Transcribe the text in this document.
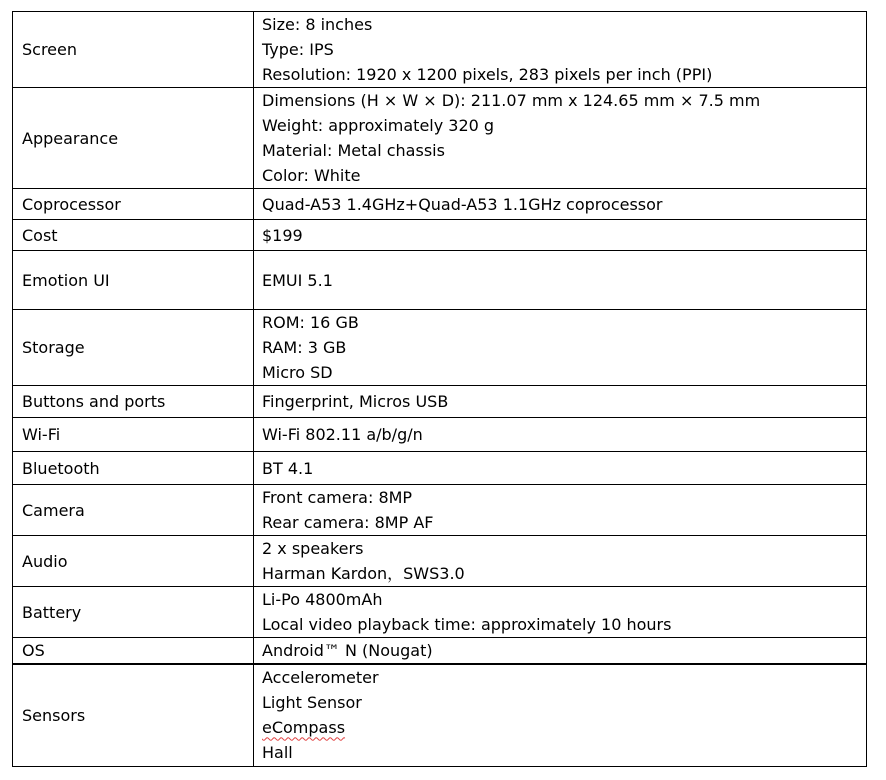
Screen	Size: 8 inches
Type: IPS
Resolution: 1920 x 1200 pixels, 283 pixels per inch (PPI)

Appearance	Dimensions (H × W × D): 211.07 mm x 124.65 mm × 7.5 mm
Weight: approximately 320 g
Material: Metal chassis
Color: White

Coprocessor	Quad-A53 1.4GHz+Quad-A53 1.1GHz coprocessor
Cost	$199
Emotion UI	EMUI 5.1
Storage	ROM: 16 GB
RAM: 3 GB
Micro SD

Buttons and ports	Fingerprint, Micros USB
Wi-Fi	Wi-Fi 802.11 a/b/g/n
Bluetooth	BT 4.1
Camera	Front camera: 8MP
Rear camera: 8MP AF

Audio	2 x speakers
Harman Kardon，SWS3.0

Battery	Li-Po 4800mAh
Local video playback time: approximately 10 hours

OS	Android™ N (Nougat)
Sensors	Accelerometer
Light Sensor
eCompass
Hall
